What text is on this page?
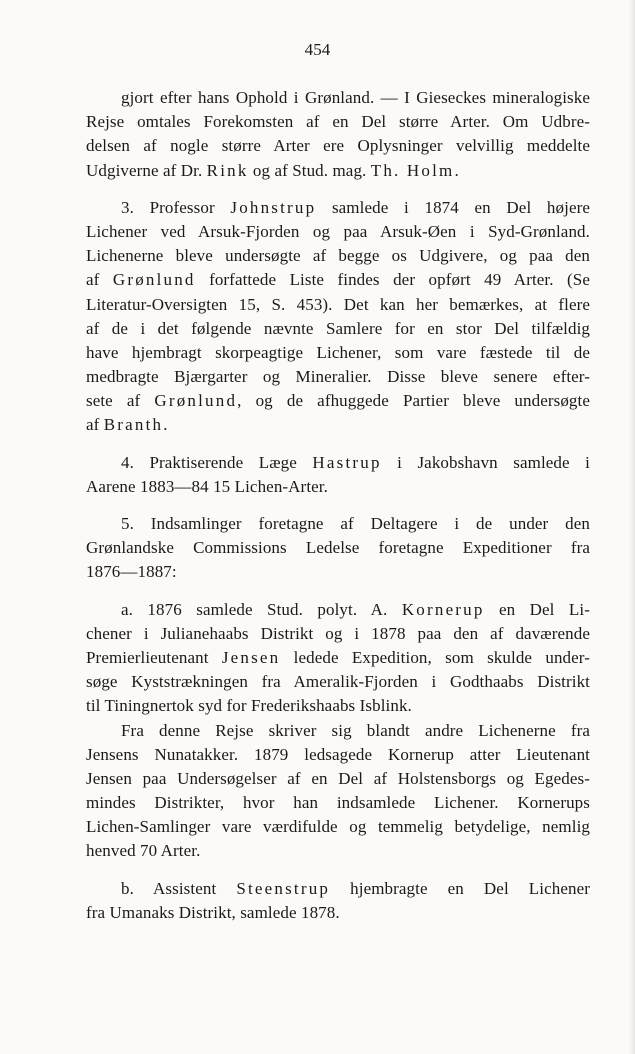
454
gjort efter hans Ophold i Grønland. — I Gieseckes mineralogiske
Rejse omtales Forekomsten af en Del større Arter. Om Udbre-
delsen af nogle større Arter ere Oplysninger velvillig meddelte
Udgiverne af Dr. Rink og af Stud. mag. Th. Holm.
3. Professor Johnstrup samlede i 1874 en Del højere
Lichener ved Arsuk-Fjorden og paa Arsuk-Øen i Syd-Grønland.
Lichenerne bleve undersøgte af begge os Udgivere, og paa den
af Grønlund forfattede Liste findes der opført 49 Arter. (Se
Literatur-Oversigten 15, S. 453). Det kan her bemærkes, at flere
af de i det følgende nævnte Samlere for en stor Del tilfældig
have hjembragt skorpeagtige Lichener, som vare fæstede til de
medbragte Bjærgarter og Mineralier. Disse bleve senere efter-
sete af Grønlund, og de afhuggede Partier bleve undersøgte
af Branth.
4. Praktiserende Læge Hastrup i Jakobshavn samlede i
Aarene 1883—84 15 Lichen-Arter.
5. Indsamlinger foretagne af Deltagere i de under den
Grønlandske Commissions Ledelse foretagne Expeditioner fra
1876—1887:
a. 1876 samlede Stud. polyt. A. Kornerup en Del Li-
chener i Julianehaabs Distrikt og i 1878 paa den af daværende
Premierlieutenant Jensen ledede Expedition, som skulde under-
søge Kyststrækningen fra Ameralik-Fjorden i Godthaabs Distrikt
til Tiningnertok syd for Frederikshaabs Isblink.
Fra denne Rejse skriver sig blandt andre Lichenerne fra
Jensens Nunatakker. 1879 ledsagede Kornerup atter Lieutenant
Jensen paa Undersøgelser af en Del af Holstensborgs og Egedes-
mindes Distrikter, hvor han indsamlede Lichener. Kornerups
Lichen-Samlinger vare værdifulde og temmelig betydelige, nemlig
henved 70 Arter.
b. Assistent Steenstrup hjembragte en Del Lichener
fra Umanaks Distrikt, samlede 1878.
